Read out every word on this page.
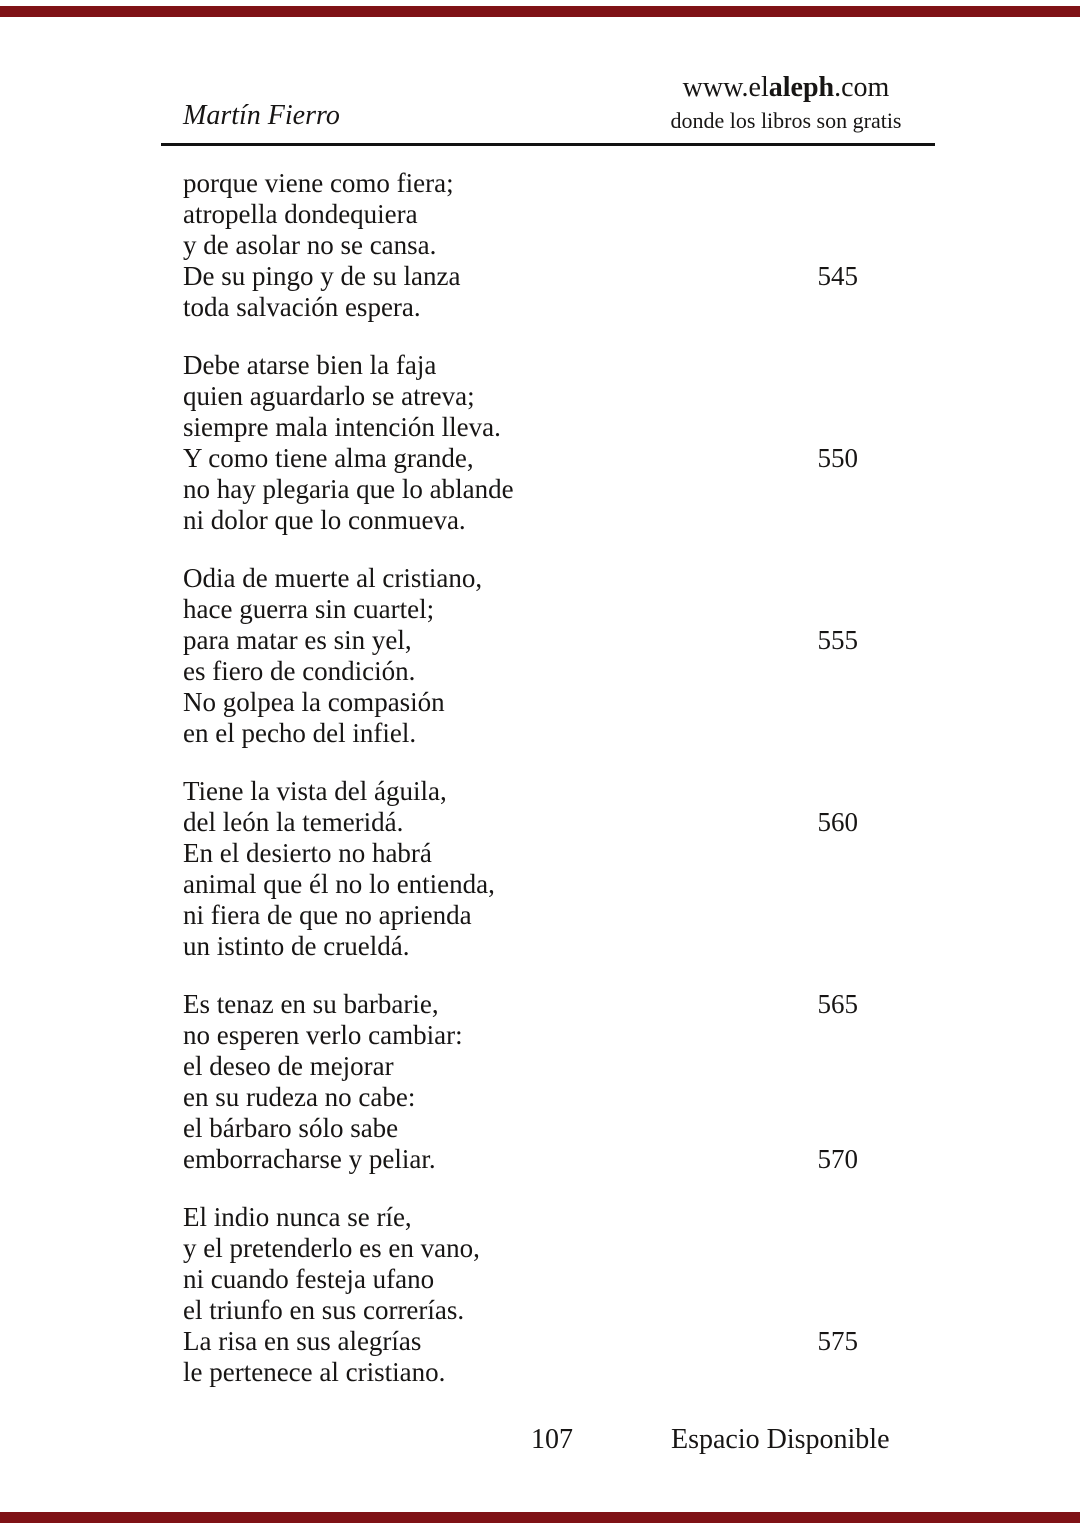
Martín Fierro
www.elaleph.com
donde los libros son gratis
porque viene como fiera;
atropella dondequiera
y de asolar no se cansa.
De su pingo y de su lanza	545
toda salvación espera.
Debe atarse bien la faja
quien aguardarlo se atreva;
siempre mala intención lleva.
Y como tiene alma grande,	550
no hay plegaria que lo ablande
ni dolor que lo conmueva.
Odia de muerte al cristiano,
hace guerra sin cuartel;
para matar es sin yel,	555
es fiero de condición.
No golpea la compasión
en el pecho del infiel.
Tiene la vista del águila,
del león la temeridá.	560
En el desierto no habrá
animal que él no lo entienda,
ni fiera de que no aprienda
un istinto de crueldá.
Es tenaz en su barbarie,	565
no esperen verlo cambiar:
el deseo de mejorar
en su rudeza no cabe:
el bárbaro sólo sabe
emborracharse y peliar.	570
El indio nunca se ríe,
y el pretenderlo es en vano,
ni cuando festeja ufano
el triunfo en sus correrías.
La risa en sus alegrías	575
le pertenece al cristiano.
107	Espacio Disponible
